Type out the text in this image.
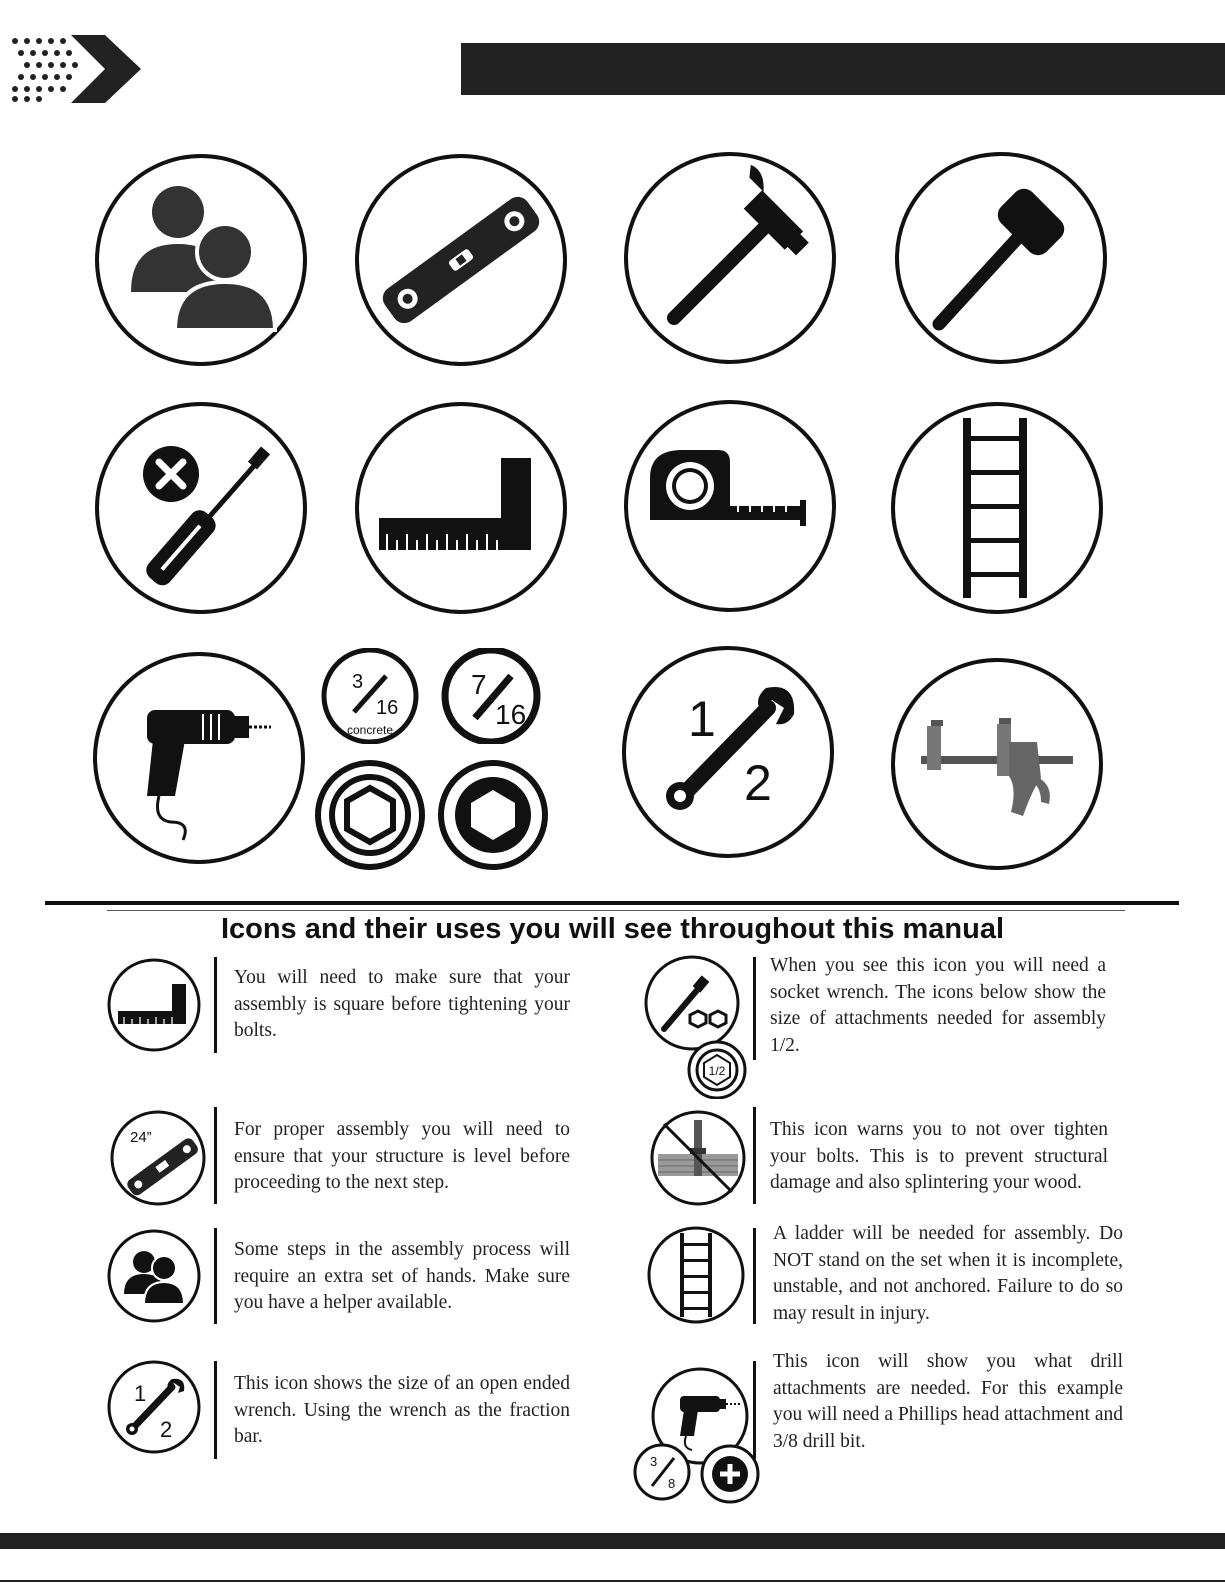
3
16
concrete
7
16	1
2
Icons and their uses you will see throughout this manual
You will need to make sure that your assembly is square before tightening your bolts.
24”	For proper assembly you will need to ensure that your structure is level before proceeding to the next step.
Some steps in the assembly process will require an extra set of hands. Make sure you have a helper available.
1
2
This icon shows the size of an open ended wrench. Using the wrench as the fraction bar.
1/2
When you see this icon you will need a socket wrench. The icons below show the size of attachments needed for assembly 1/2.
This icon warns you to not over tighten your bolts. This is to prevent structural damage and also splintering your wood.
A ladder will be needed for assembly. Do NOT stand on the set when it is incomplete, unstable, and not anchored. Failure to do so may result in injury.
3
8
This icon will show you what drill attachments are needed. For this example you will need a Phillips head attachment and 3/8 drill bit.
